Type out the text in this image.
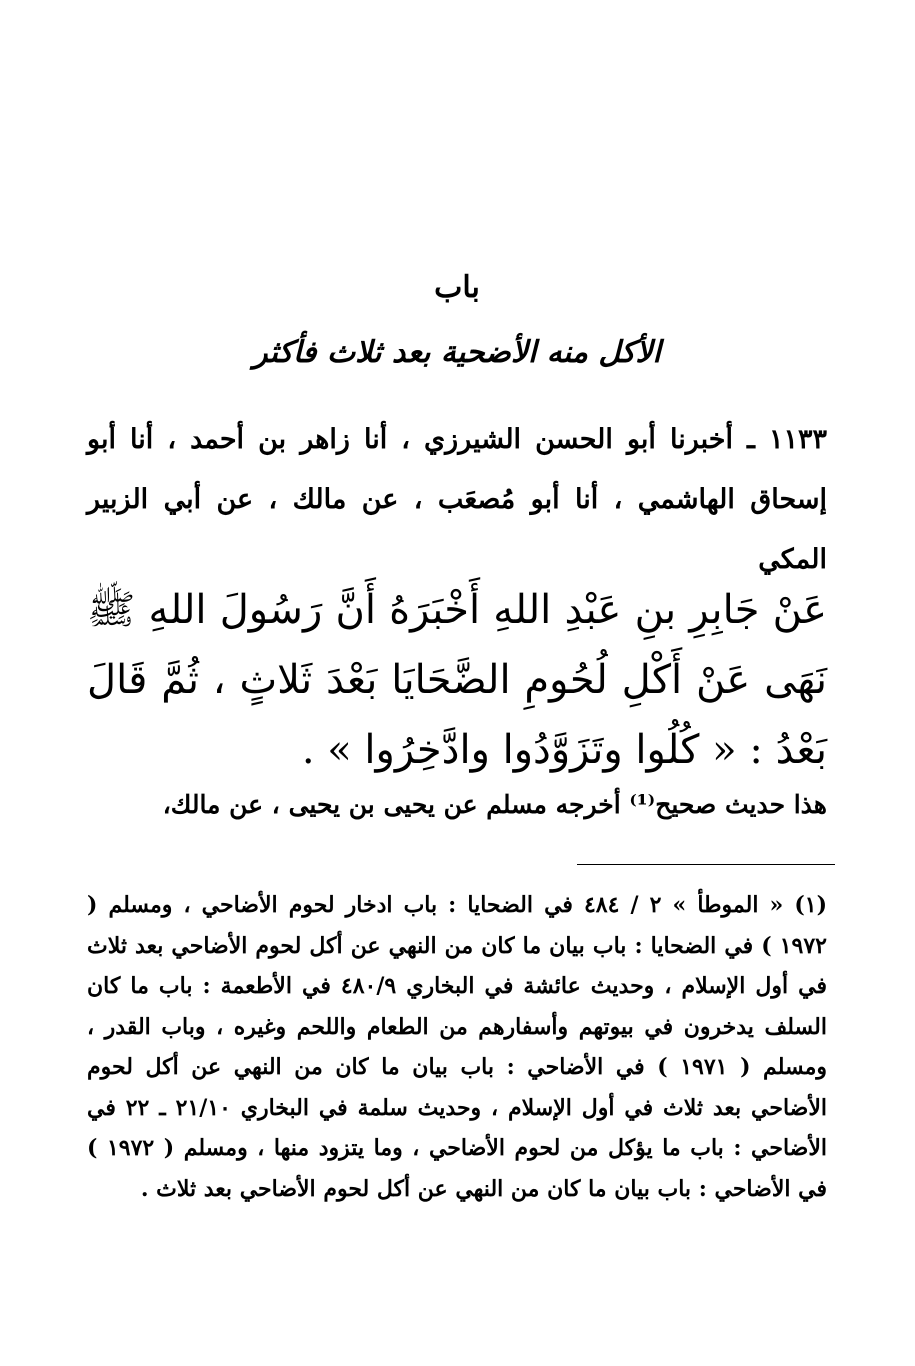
باب
الأكل منه الأضحية بعد ثلاث فأكثر
١١٣٣ ـ أخبرنا أبو الحسن الشيرزي ، أنا زاهر بن أحمد ، أنا أبو إسحاق الهاشمي ، أنا أبو مُصعَب ، عن مالك ، عن أبي الزبير المكي
عَنْ جَابِرِ بنِ عَبْدِ اللهِ أَخْبَرَهُ أَنَّ رَسُولَ اللهِ ﷺ نَهَى عَنْ أَكْلِ لُحُومِ الضَّحَايَا بَعْدَ ثَلاثٍ ، ثُمَّ قَالَ بَعْدُ : « كُلُوا وتَزَوَّدُوا وادَّخِرُوا » .
هذا حديث صحيح⁽¹⁾ أخرجه مسلم عن يحيى بن يحيى ، عن مالك،
(١) « الموطأ » ٢ / ٤٨٤ في الضحايا : باب ادخار لحوم الأضاحي ، ومسلم ( ١٩٧٢ ) في الضحايا : باب بيان ما كان من النهي عن أكل لحوم الأضاحي بعد ثلاث في أول الإسلام ، وحديث عائشة في البخاري ٤٨٠/٩ في الأطعمة : باب ما كان السلف يدخرون في بيوتهم وأسفارهم من الطعام واللحم وغيره ، وباب القدر ، ومسلم ( ١٩٧١ ) في الأضاحي : باب بيان ما كان من النهي عن أكل لحوم الأضاحي بعد ثلاث في أول الإسلام ، وحديث سلمة في البخاري ٢١/١٠ ـ ٢٢ في الأضاحي : باب ما يؤكل من لحوم الأضاحي ، وما يتزود منها ، ومسلم ( ١٩٧٢ ) في الأضاحي : باب بيان ما كان من النهي عن أكل لحوم الأضاحي بعد ثلاث .
